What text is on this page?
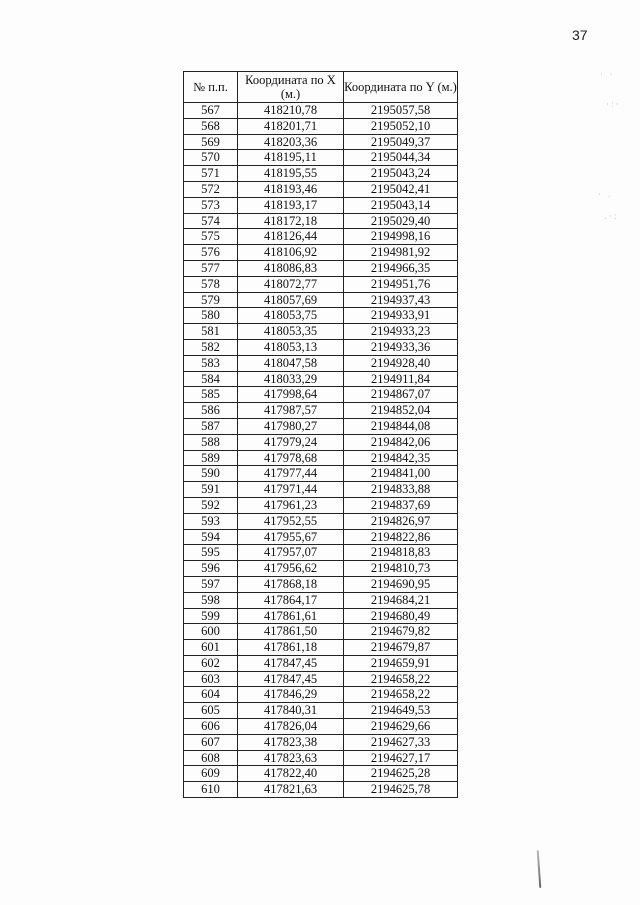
37
№ п.п.	Координата по X (м.)	Координата по Y (м.)
567	418210,78	2195057,58
568	418201,71	2195052,10
569	418203,36	2195049,37
570	418195,11	2195044,34
571	418195,55	2195043,24
572	418193,46	2195042,41
573	418193,17	2195043,14
574	418172,18	2195029,40
575	418126,44	2194998,16
576	418106,92	2194981,92
577	418086,83	2194966,35
578	418072,77	2194951,76
579	418057,69	2194937,43
580	418053,75	2194933,91
581	418053,35	2194933,23
582	418053,13	2194933,36
583	418047,58	2194928,40
584	418033,29	2194911,84
585	417998,64	2194867,07
586	417987,57	2194852,04
587	417980,27	2194844,08
588	417979,24	2194842,06
589	417978,68	2194842,35
590	417977,44	2194841,00
591	417971,44	2194833,88
592	417961,23	2194837,69
593	417952,55	2194826,97
594	417955,67	2194822,86
595	417957,07	2194818,83
596	417956,62	2194810,73
597	417868,18	2194690,95
598	417864,17	2194684,21
599	417861,61	2194680,49
600	417861,50	2194679,82
601	417861,18	2194679,87
602	417847,45	2194659,91
603	417847,45	2194658,22
604	417846,29	2194658,22
605	417840,31	2194649,53
606	417826,04	2194629,66
607	417823,38	2194627,33
608	417823,63	2194627,17
609	417822,40	2194625,28
610	417821,63	2194625,78
· ·
·:·
· .
.·:
